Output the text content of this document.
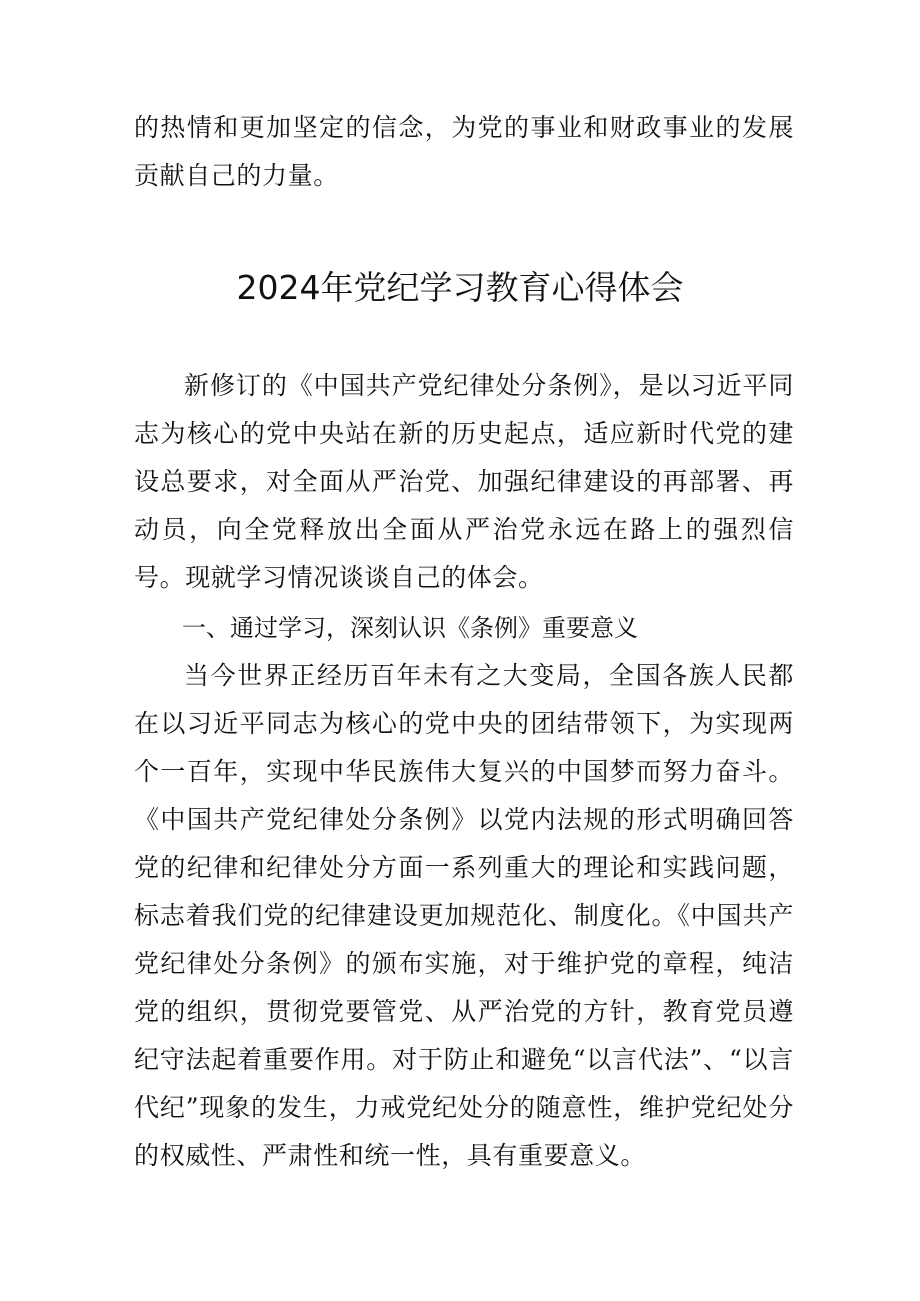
的热情和更加坚定的信念，为党的事业和财政事业的发展贡献自己的力量。

2024年党纪学习教育心得体会

新修订的《中国共产党纪律处分条例》，是以习近平同志为核心的党中央站在新的历史起点，适应新时代党的建设总要求，对全面从严治党、加强纪律建设的再部署、再动员，向全党释放出全面从严治党永远在路上的强烈信号。现就学习情况谈谈自己的体会。

一、通过学习，深刻认识《条例》重要意义

当今世界正经历百年未有之大变局，全国各族人民都在以习近平同志为核心的党中央的团结带领下，为实现两个一百年，实现中华民族伟大复兴的中国梦而努力奋斗。《中国共产党纪律处分条例》以党内法规的形式明确回答党的纪律和纪律处分方面一系列重大的理论和实践问题，标志着我们党的纪律建设更加规范化、制度化。《中国共产党纪律处分条例》的颁布实施，对于维护党的章程，纯洁党的组织，贯彻党要管党、从严治党的方针，教育党员遵纪守法起着重要作用。对于防止和避免“以言代法”、“以言代纪”现象的发生，力戒党纪处分的随意性，维护党纪处分的权威性、严肃性和统一性，具有重要意义。
